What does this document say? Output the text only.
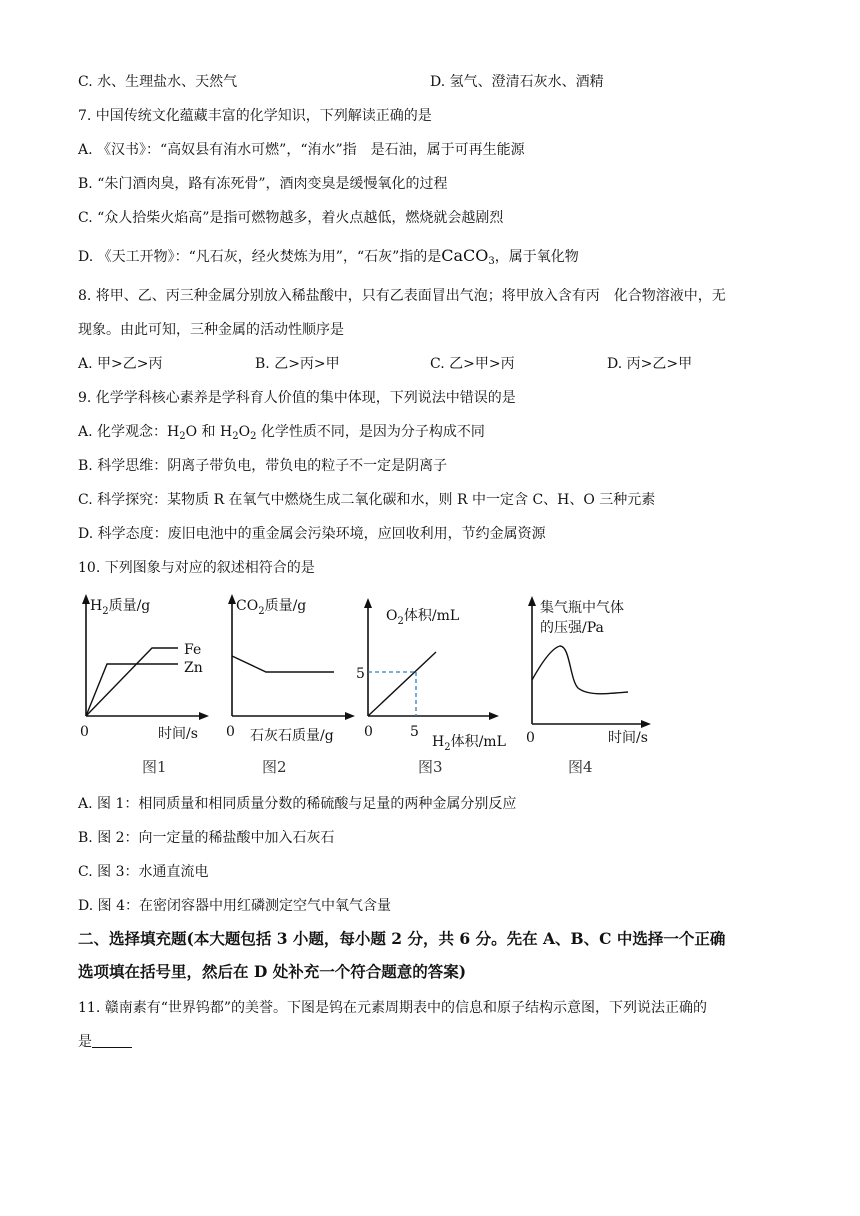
C. 水、生理盐水、天然气	D. 氢气、澄清石灰水、酒精
7. 中国传统文化蕴藏丰富的化学知识，下列解读正确的是
A. 《汉书》：“高奴县有洧水可燃”，“洧水”指　是石油，属于可再生能源
B. “朱门酒肉臭，路有冻死骨”，酒肉变臭是缓慢氧化的过程
C. “众人拾柴火焰高”是指可燃物越多，着火点越低，燃烧就会越剧烈
D. 《天工开物》：“凡石灰，经火焚炼为用”，“石灰”指的是CaCO$_3$，属于氧化物
8. 将甲、乙、丙三种金属分别放入稀盐酸中，只有乙表面冒出气泡；将甲放入含有丙　化合物溶液中，无
现象。由此可知，三种金属的活动性顺序是
A. 甲>乙>丙	B. 乙>丙>甲	C. 乙>甲>丙	D. 丙>乙>甲
9. 化学学科核心素养是学科育人价值的集中体现，下列说法中错误的是
A. 化学观念：$H_2O$ 和 $H_2O_2$ 化学性质不同，是因为分子构成不同
B. 科学思维：阴离子带负电，带负电的粒子不一定是阴离子
C. 科学探究：某物质 R 在氧气中燃烧生成二氧化碳和水，则 R 中一定含 C、H、O 三种元素
D. 科学态度：废旧电池中的重金属会污染环境，应回收利用，节约金属资源
10. 下列图象与对应的叙述相符合的是
$H_2$质量/g
Fe
Zn
0	时间/s
图1
$CO_2$质量/g
0 石灰石质量/g
图2
$O_2$体积/mL
5
0	5
$H_2$体积/mL
图3
集气瓶中气体
的压强/Pa
0	时间/s
图4
A. 图 1：相同质量和相同质量分数的稀硫酸与足量的两种金属分别反应
B. 图 2：向一定量的稀盐酸中加入石灰石
C. 图 3：水通直流电
D. 图 4：在密闭容器中用红磷测定空气中氧气含量
二、选择填充题(本大题包括 3 小题，每小题 2 分，共 6 分。先在 A、B、C 中选择一个正确
选项填在括号里，然后在 D 处补充一个符合题意的答案)
11. 赣南素有“世界钨都”的美誉。下图是钨在元素周期表中的信息和原子结构示意图，下列说法正确的
是
